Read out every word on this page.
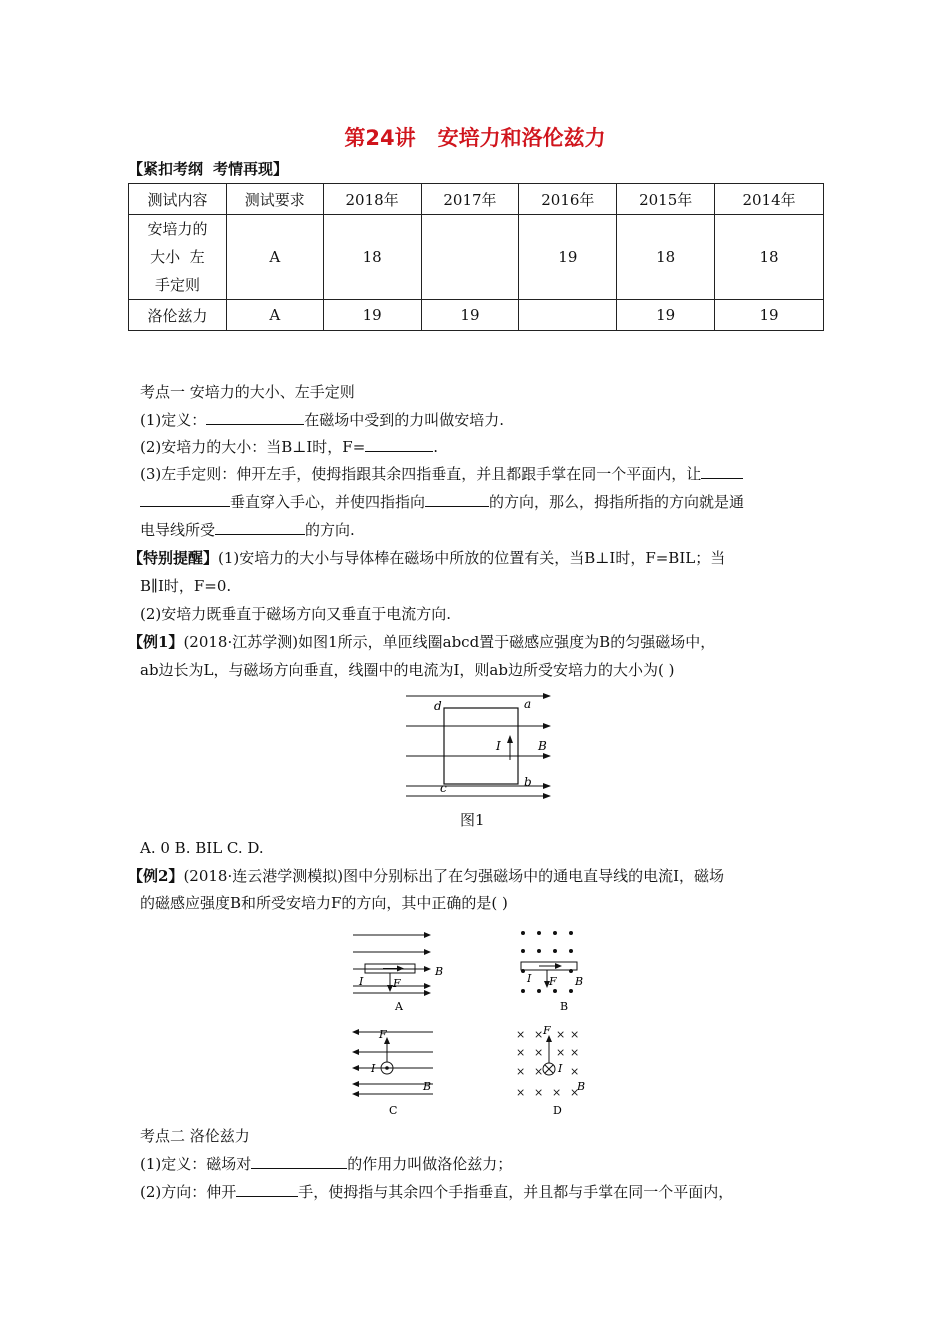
第24讲 安培力和洛伦兹力
【紧扣考纲 考情再现】
测试内容	测试要求	2018年	2017年	2016年	2015年	2014年

安培力的
大小  左
手定则	A	18		19	18	18
洛伦兹力	A	19	19		19	19
考点一 安培力的大小、左手定则
(1)定义：	在磁场中受到的力叫做安培力.
(2)安培力的大小：当B⊥I时，F=	.
(3)左手定则：伸开左手，使拇指跟其余四指垂直，并且都跟手掌在同一个平面内，让
垂直穿入手心，并使四指指向	的方向，那么，拇指所指的方向就是通
电导线所受	的方向.
【特别提醒】(1)安培力的大小与导体棒在磁场中所放的位置有关，当B⊥I时，F=BIL；当
B∥I时，F=0.
(2)安培力既垂直于磁场方向又垂直于电流方向.
【例1】(2018·江苏学测)如图1所示，单匝线圈abcd置于磁感应强度为B的匀强磁场中，
ab边长为L，与磁场方向垂直，线圈中的电流为I，则ab边所受安培力的大小为( )
d	a
b
c
I	B
图1
A. 0 B. BIL C. D.
【例2】(2018·连云港学测模拟)图中分别标出了在匀强磁场中的通电直导线的电流I，磁场
的磁感应强度B和所受安培力F的方向，其中正确的是( )
I	F
B
A
I F B
B
F
I
B
C
× × × ×
× × × ×
× × ×
× × × ×
F
I
B
D
考点二 洛伦兹力
(1)定义：磁场对	的作用力叫做洛伦兹力；
(2)方向：伸开	手，使拇指与其余四个手指垂直，并且都与手掌在同一个平面内，
